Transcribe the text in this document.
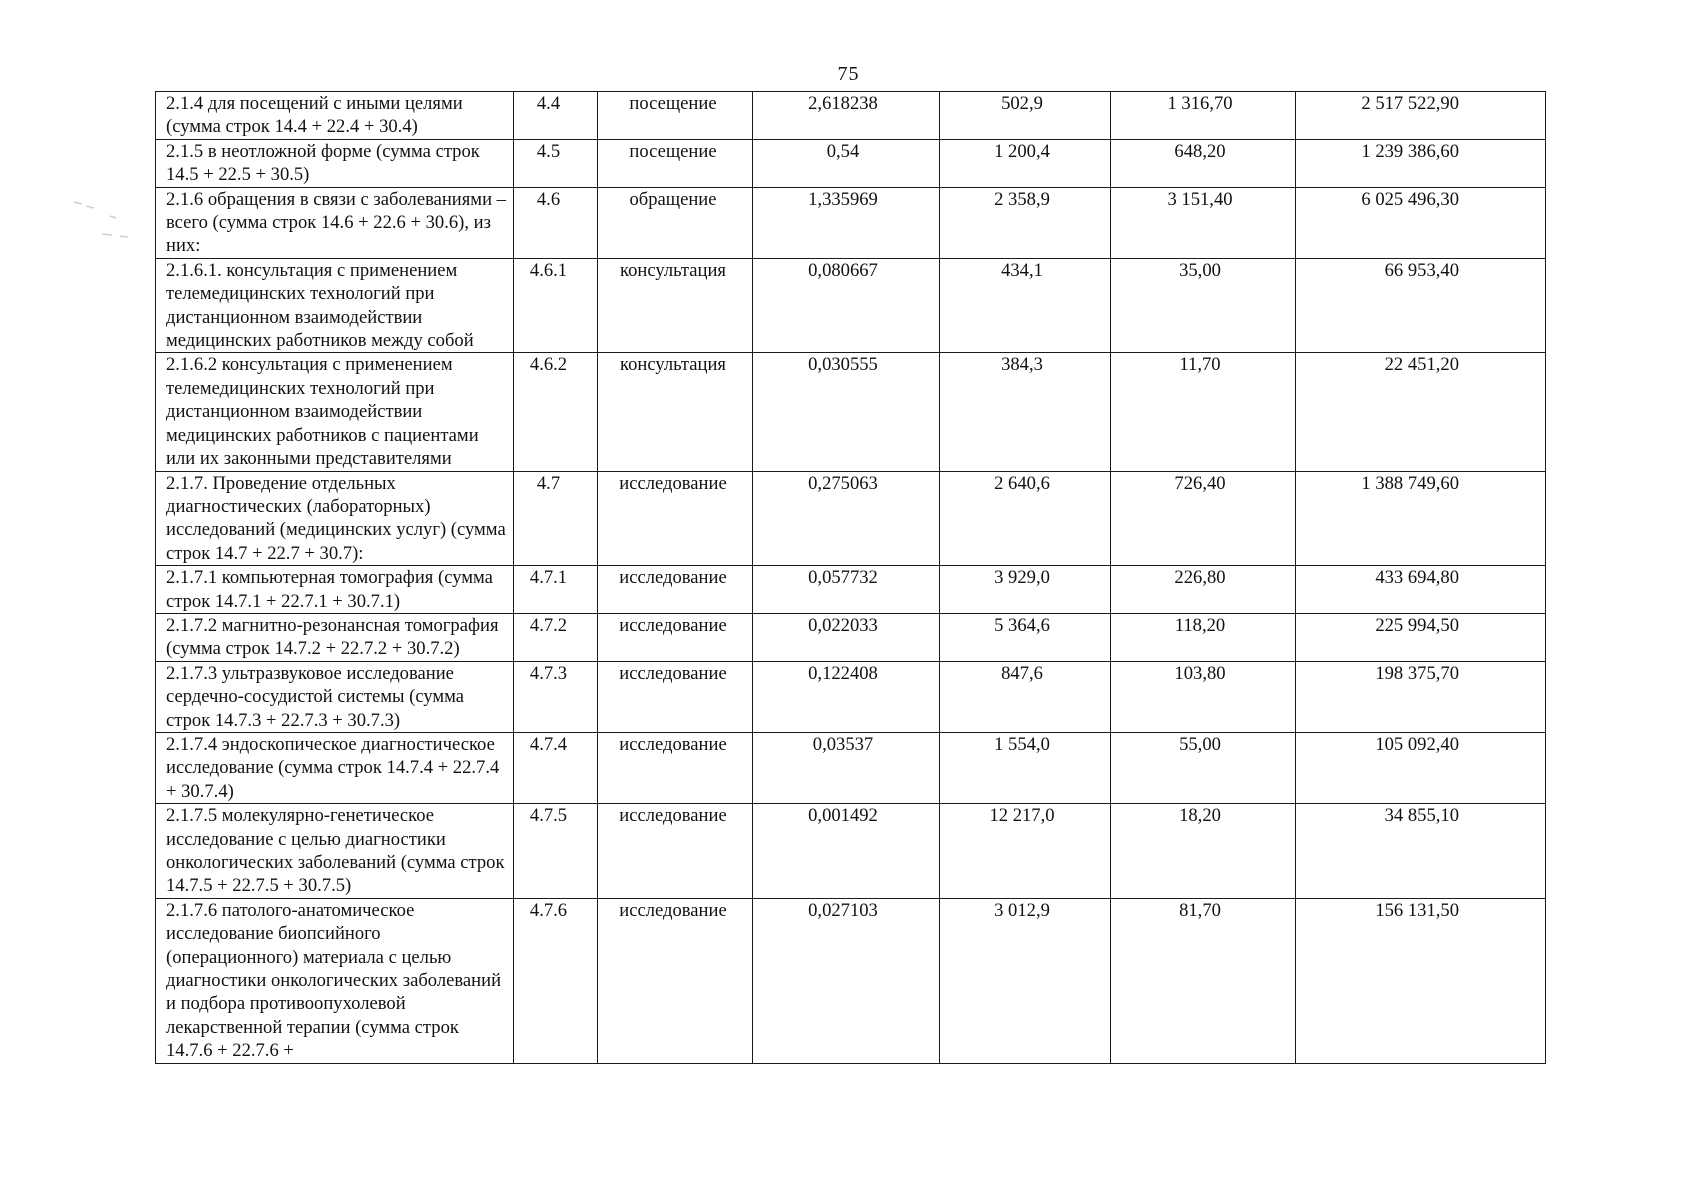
75
2.1.4 для посещений с иными целями (сумма строк 14.4 + 22.4 + 30.4)	4.4	посещение	2,618238	502,9	1 316,70	2 517 522,90
2.1.5 в неотложной форме (сумма строк 14.5 + 22.5 + 30.5)	4.5	посещение	0,54	1 200,4	648,20	1 239 386,60
2.1.6 обращения в связи с заболеваниями – всего (сумма строк 14.6 + 22.6 + 30.6), из них:	4.6	обращение	1,335969	2 358,9	3 151,40	6 025 496,30
2.1.6.1. консультация с применением телемедицинских технологий при дистанционном взаимодействии медицинских работников между собой	4.6.1	консультация	0,080667	434,1	35,00	66 953,40
2.1.6.2 консультация с применением телемедицинских технологий при дистанционном взаимодействии медицинских работников с пациентами или их законными представителями	4.6.2	консультация	0,030555	384,3	11,70	22 451,20
2.1.7. Проведение отдельных диагностических (лабораторных) исследований (медицинских услуг) (сумма строк 14.7 + 22.7 + 30.7):	4.7	исследование	0,275063	2 640,6	726,40	1 388 749,60
2.1.7.1 компьютерная томография (сумма строк 14.7.1 + 22.7.1 + 30.7.1)	4.7.1	исследование	0,057732	3 929,0	226,80	433 694,80
2.1.7.2 магнитно-резонансная томография (сумма строк 14.7.2 + 22.7.2 + 30.7.2)	4.7.2	исследование	0,022033	5 364,6	118,20	225 994,50
2.1.7.3 ультразвуковое исследование сердечно-сосудистой системы (сумма строк 14.7.3 + 22.7.3 + 30.7.3)	4.7.3	исследование	0,122408	847,6	103,80	198 375,70
2.1.7.4 эндоскопическое диагностическое исследование (сумма строк 14.7.4 + 22.7.4 + 30.7.4)	4.7.4	исследование	0,03537	1 554,0	55,00	105 092,40
2.1.7.5 молекулярно-генетическое исследование с целью диагностики онкологических заболеваний (сумма строк 14.7.5 + 22.7.5 + 30.7.5)	4.7.5	исследование	0,001492	12 217,0	18,20	34 855,10
2.1.7.6 патолого-анатомическое исследование биопсийного (операционного) материала с целью диагностики онкологических заболеваний и подбора противоопухолевой лекарственной терапии (сумма строк 14.7.6 + 22.7.6 +	4.7.6	исследование	0,027103	3 012,9	81,70	156 131,50
